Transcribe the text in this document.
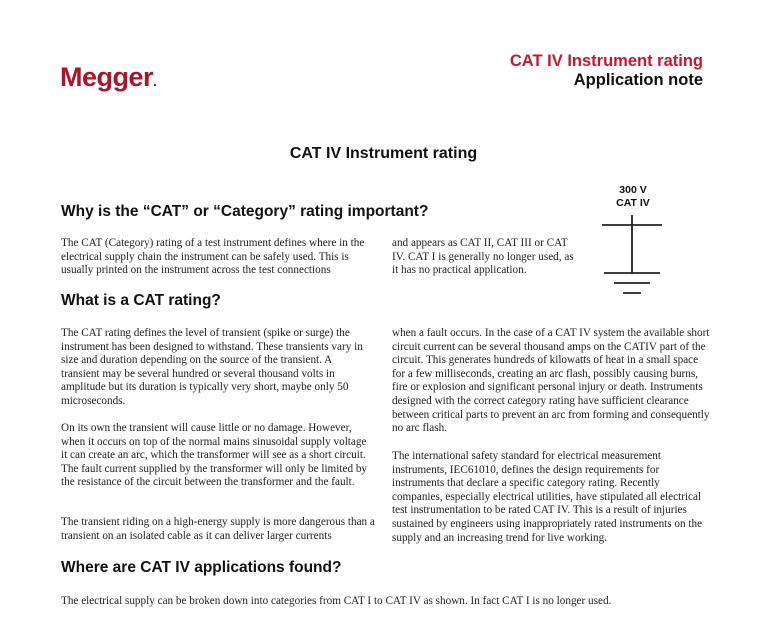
Megger.
CAT IV Instrument rating
Application note
CAT IV Instrument rating
300 V
CAT IV
Why is the “CAT” or “Category” rating important?

The CAT (Category) rating of a test instrument defines where in the electrical supply chain the instrument can be safely used. This is usually printed on the instrument across the test connections

and appears as CAT II, CAT III or CAT IV. CAT I is generally no longer used, as it has no practical application.

What is a CAT rating?

The CAT rating defines the level of transient (spike or surge) the instrument has been designed to withstand. These transients vary in size and duration depending on the source of the transient. A transient may be several hundred or several thousand volts in amplitude but its duration is typically very short, maybe only 50 microseconds.

On its own the transient will cause little or no damage. However, when it occurs on top of the normal mains sinusoidal supply voltage it can create an arc, which the transformer will see as a short circuit. The fault current supplied by the transformer will only be limited by the resistance of the circuit between the transformer and the fault.

The transient riding on a high-energy supply is more dangerous than a transient on an isolated cable as it can deliver larger currents

when a fault occurs. In the case of a CAT IV system the available short circuit current can be several thousand amps on the CATIV part of the circuit. This generates hundreds of kilowatts of heat in a small space for a few milliseconds, creating an arc flash, possibly causing burns, fire or explosion and significant personal injury or death. Instruments designed with the correct category rating have sufficient clearance between critical parts to prevent an arc from forming and consequently no arc flash.

The international safety standard for electrical measurement instruments, IEC61010, defines the design requirements for instruments that declare a specific category rating. Recently companies, especially electrical utilities, have stipulated all electrical test instrumentation to be rated CAT IV. This is a result of injuries sustained by engineers using inappropriately rated instruments on the supply and an increasing trend for live working.

Where are CAT IV applications found?

The electrical supply can be broken down into categories from CAT I to CAT IV as shown. In fact CAT I is no longer used.
